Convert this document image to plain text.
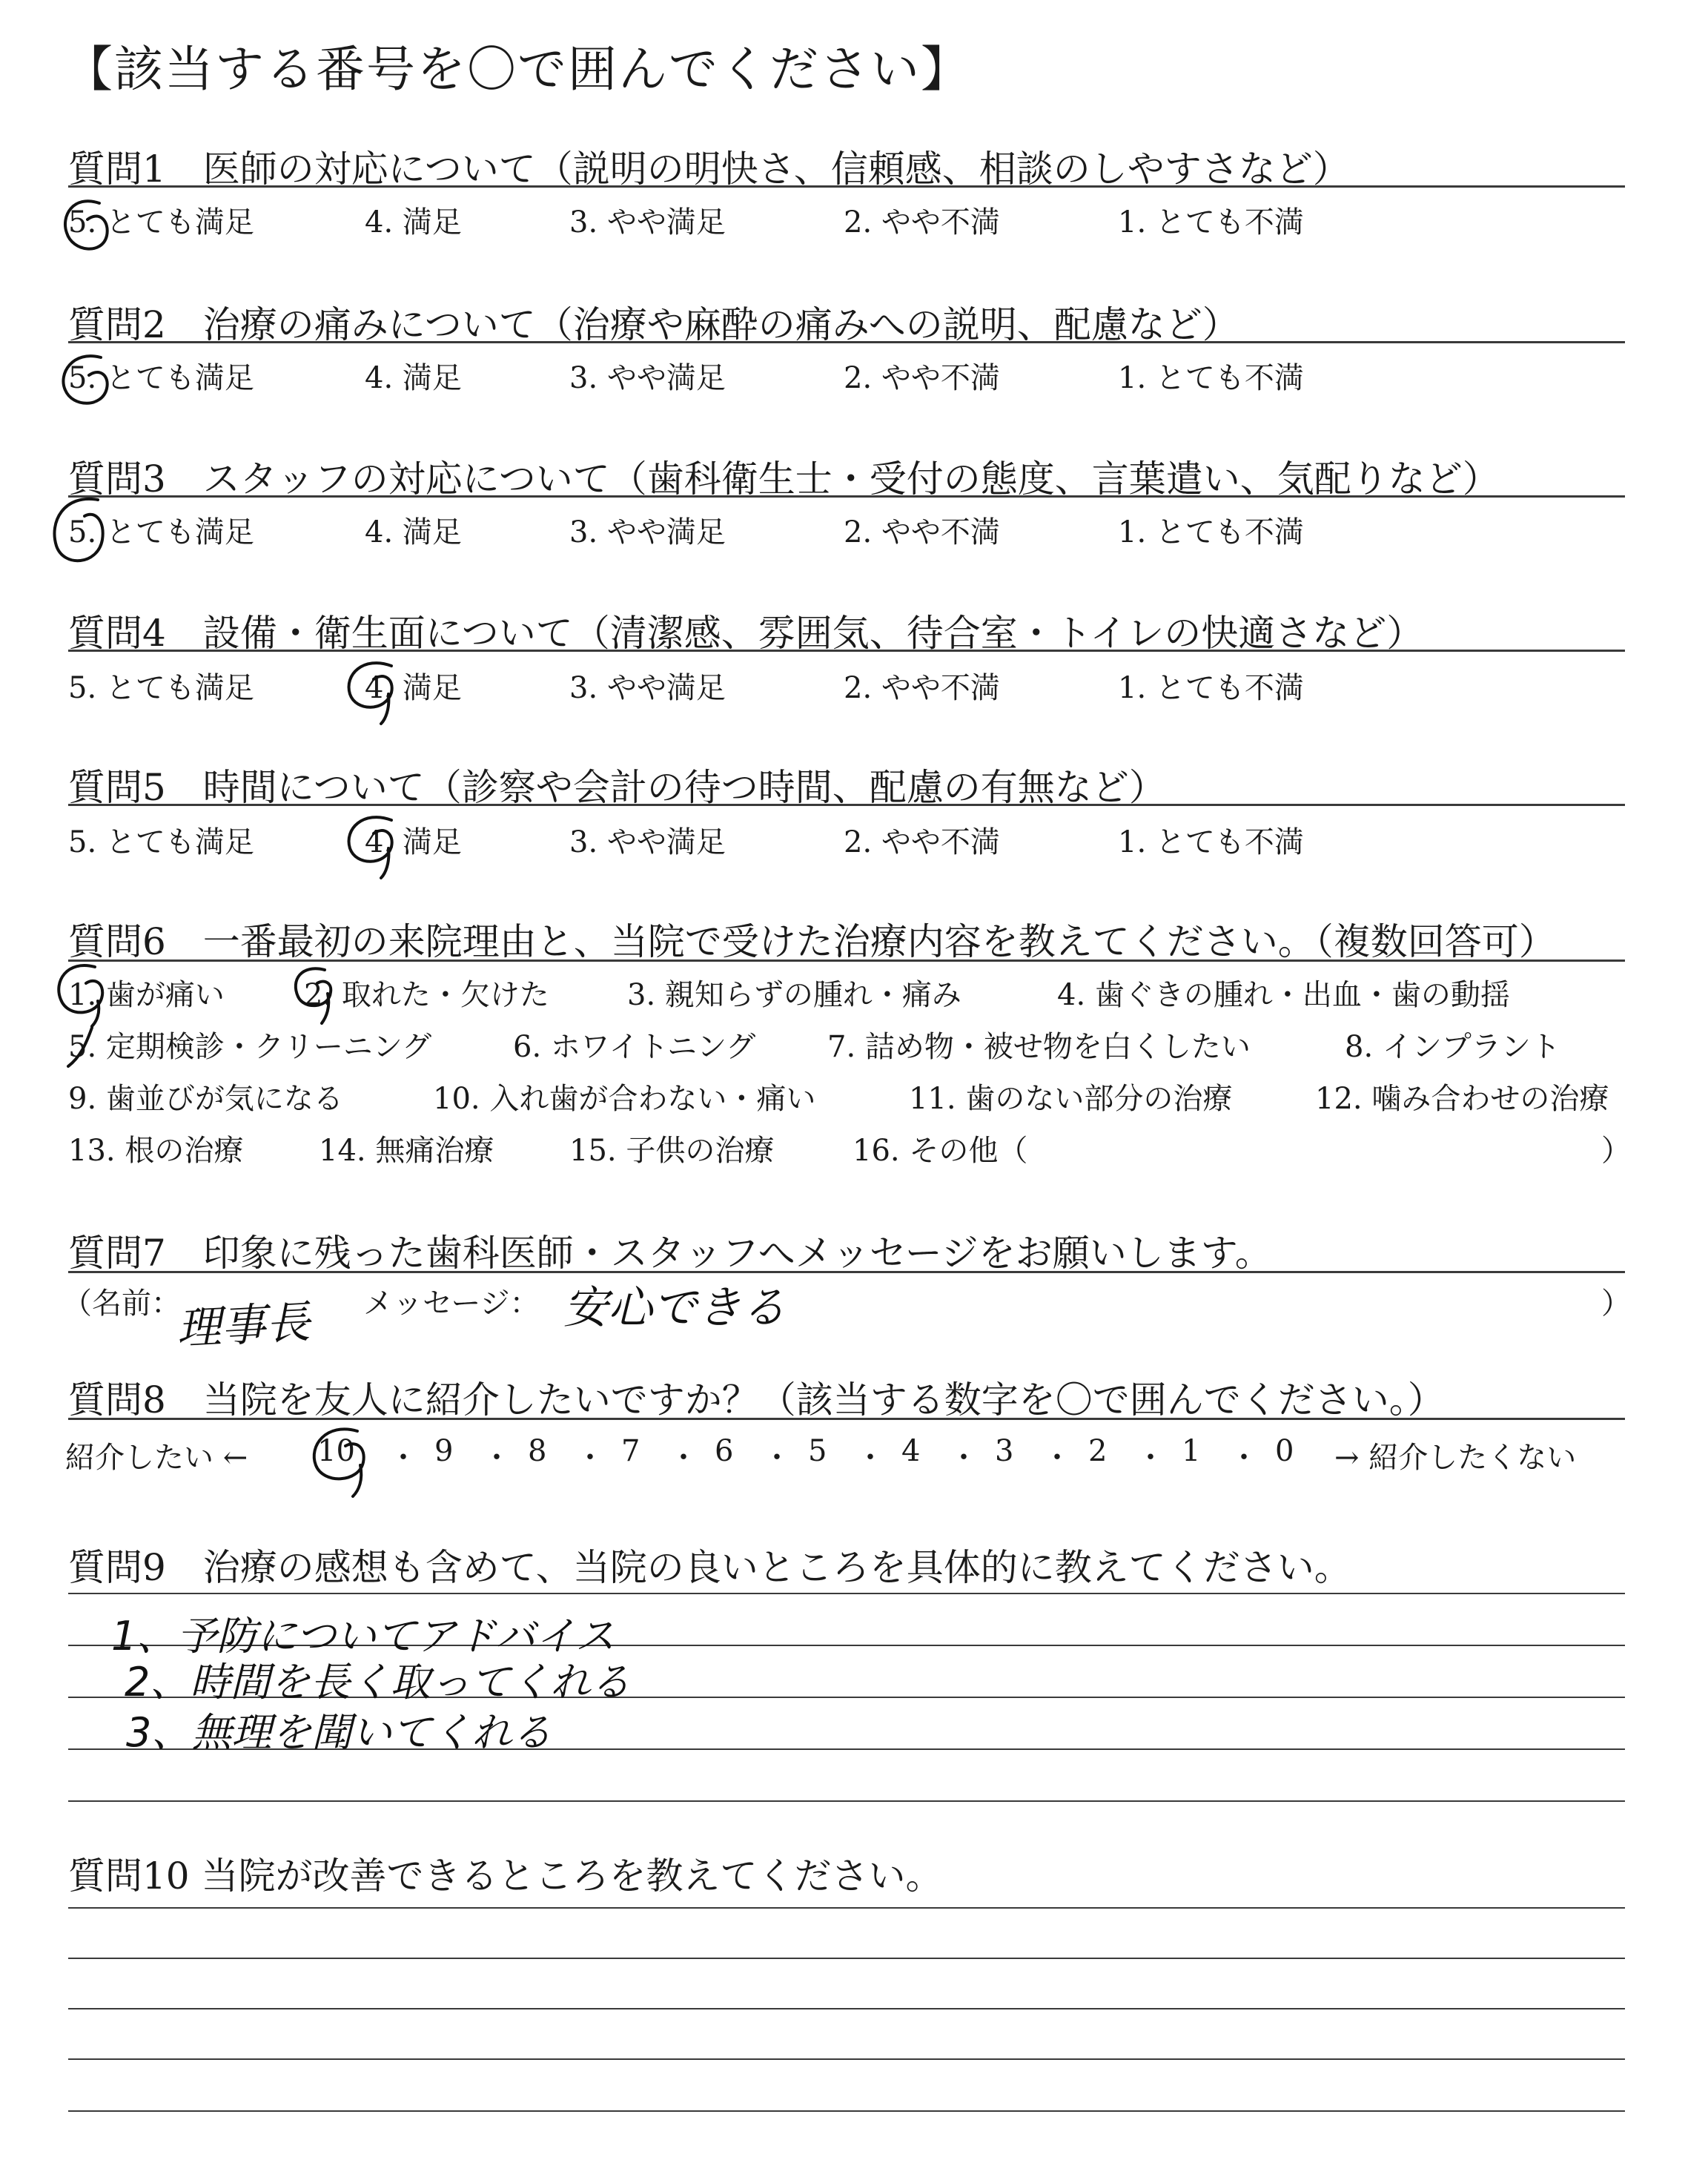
【該当する番号を〇で囲んでください】
質問1　医師の対応について（説明の明快さ、信頼感、相談のしやすさなど）
5. とても満足	4. 満足	3. やや満足	2. やや不満	1. とても不満
質問2　治療の痛みについて（治療や麻酔の痛みへの説明、配慮など）
5. とても満足	4. 満足	3. やや満足	2. やや不満	1. とても不満
質問3　スタッフの対応について（歯科衛生士・受付の態度、言葉遣い、気配りなど）
5. とても満足	4. 満足	3. やや満足	2. やや不満	1. とても不満
質問4　設備・衛生面について（清潔感、雰囲気、待合室・トイレの快適さなど）
5. とても満足	4. 満足	3. やや満足	2. やや不満	1. とても不満
質問5　時間について（診察や会計の待つ時間、配慮の有無など）
5. とても満足	4. 満足	3. やや満足	2. やや不満	1. とても不満
質問6　一番最初の来院理由と、当院で受けた治療内容を教えてください。（複数回答可）
1. 歯が痛い	2. 取れた・欠けた	3. 親知らずの腫れ・痛み	4. 歯ぐきの腫れ・出血・歯の動揺
5. 定期検診・クリーニング	6. ホワイトニング 7. 詰め物・被せ物を白くしたい	8. インプラント
9. 歯並びが気になる	10. 入れ歯が合わない・痛い	11. 歯のない部分の治療	12. 噛み合わせの治療
13. 根の治療	14. 無痛治療	15. 子供の治療	16. その他（	）
質問7　印象に残った歯科医師・スタッフへメッセージをお願いします。
（名前：
理事長 メッセージ： 安心できる	）
質問8　当院を友人に紹介したいですか？（該当する数字を〇で囲んでください。）
紹介したい ← 10 ・ 9 ・ 8 ・ 7 ・ 6 ・ 5 ・ 4 ・ 3 ・ 2 ・ 1 ・ 0 → 紹介したくない
質問9　治療の感想も含めて、当院の良いところを具体的に教えてください。
1、予防についてアドバイス
2、時間を長く取ってくれる
3、無理を聞いてくれる
質問10 当院が改善できるところを教えてください。
